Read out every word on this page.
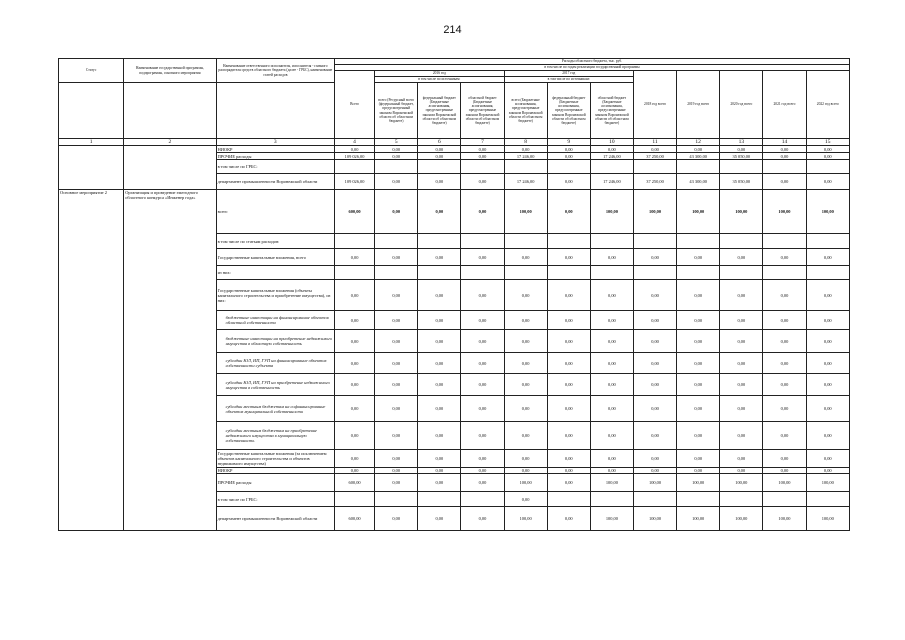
214
Статус	Наименование государственной программы, подпрограммы, основного мероприятия	Наименование ответственного исполнителя, исполнителя - главного распорядителя средств областного бюджета (далее - ГРБС), наименование статей расходов	Расходы областного бюджета, тыс. руб.											
			в том числе по годам реализации государственной программы											
			Всего	2016 год			2017 год			2018 год всего	2019 год всего	2020 год всего	2021 год всего	2022 год всего
				в том числе по источникам:			в том числе по источникам:							
				всего (Ресурсный всего (федеральный бюджет, предусмотренный законом Воронежской области об областном бюджете)	федеральный бюджет (Бюджетные ассигнования, предусмотренные законом Воронежской области об областном бюджете)	областной бюджет (Бюджетные ассигнования, предусмотренные законом Воронежской области об областном бюджете)	всего (Бюджетные ассигнования, предусмотренные законом Воронежской области об областном бюджете)	федеральный бюджет (Бюджетные ассигнования, предусмотренные законом Воронежской области об областном бюджете)	областной бюджет (Бюджетные ассигнования, предусмотренные законом Воронежской области об областном бюджете)					
1	2	3	4	5	6	7	8	9	10	11	12	13	14	15
		НИОКР	0,00	0,00	0,00	0,00	0,00	0,00	0,00	0,00	0,00	0,00	0,00	0,00
		ПРОЧИЕ расходы	109 026,00	0,00	0,00	0,00	17 246,00	0,00	17 246,00	37 250,00	43 300,00	35 050,00	0,00	0,00
		в том числе по ГРБС:												
		департамент промышленности Воронежской области	109 026,00	0,00	0,00	0,00	17 246,00	0,00	17 246,00	37 250,00	43 300,00	35 050,00	0,00	0,00
Основное мероприятие 2	Организация и проведение ежегодного областного конкурса «Инженер года»	всего	600,00	0,00	0,00	0,00	100,00	0,00	100,00	100,00	100,00	100,00	100,00	100,00
		в том числе по статьям расходов:												
		Государственные капитальные вложения, всего	0,00	0,00	0,00	0,00	0,00	0,00	0,00	0,00	0,00	0,00	0,00	0,00
		из них:												
		Государственные капитальные вложения (объекты капитального строительства и приобретение имущества), из них:	0,00	0,00	0,00	0,00	0,00	0,00	0,00	0,00	0,00	0,00	0,00	0,00
		бюджетные инвестиции на финансирование объектов областной собственности	0,00	0,00	0,00	0,00	0,00	0,00	0,00	0,00	0,00	0,00	0,00	0,00
		бюджетные инвестиции на приобретение недвижимого имущества в областную собственность	0,00	0,00	0,00	0,00	0,00	0,00	0,00	0,00	0,00	0,00	0,00	0,00
		субсидии ЮЛ, ИП, ГУП на финансирование объектов собственности субъекта	0,00	0,00	0,00	0,00	0,00	0,00	0,00	0,00	0,00	0,00	0,00	0,00
		субсидии ЮЛ, ИП, ГУП на приобретение недвижимого имущества в собственность	0,00	0,00	0,00	0,00	0,00	0,00	0,00	0,00	0,00	0,00	0,00	0,00
		субсидии местным бюджетам на софинансирование объектов муниципальной собственности	0,00	0,00	0,00	0,00	0,00	0,00	0,00	0,00	0,00	0,00	0,00	0,00
		субсидии местным бюджетам на приобретение недвижимого имущества в муниципальную собственность	0,00	0,00	0,00	0,00	0,00	0,00	0,00	0,00	0,00	0,00	0,00	0,00
		Государственные капитальные вложения (за исключением объектов капитального строительства и объектов недвижимого имущества)	0,00	0,00	0,00	0,00	0,00	0,00	0,00	0,00	0,00	0,00	0,00	0,00
		НИОКР	0,00	0,00	0,00	0,00	0,00	0,00	0,00	0,00	0,00	0,00	0,00	0,00
		ПРОЧИЕ расходы	600,00	0,00	0,00	0,00	100,00	0,00	100,00	100,00	100,00	100,00	100,00	100,00
		в том числе по ГРБС:					0,00							
		департамент промышленности Воронежской области	600,00	0,00	0,00	0,00	100,00	0,00	100,00	100,00	100,00	100,00	100,00	100,00
